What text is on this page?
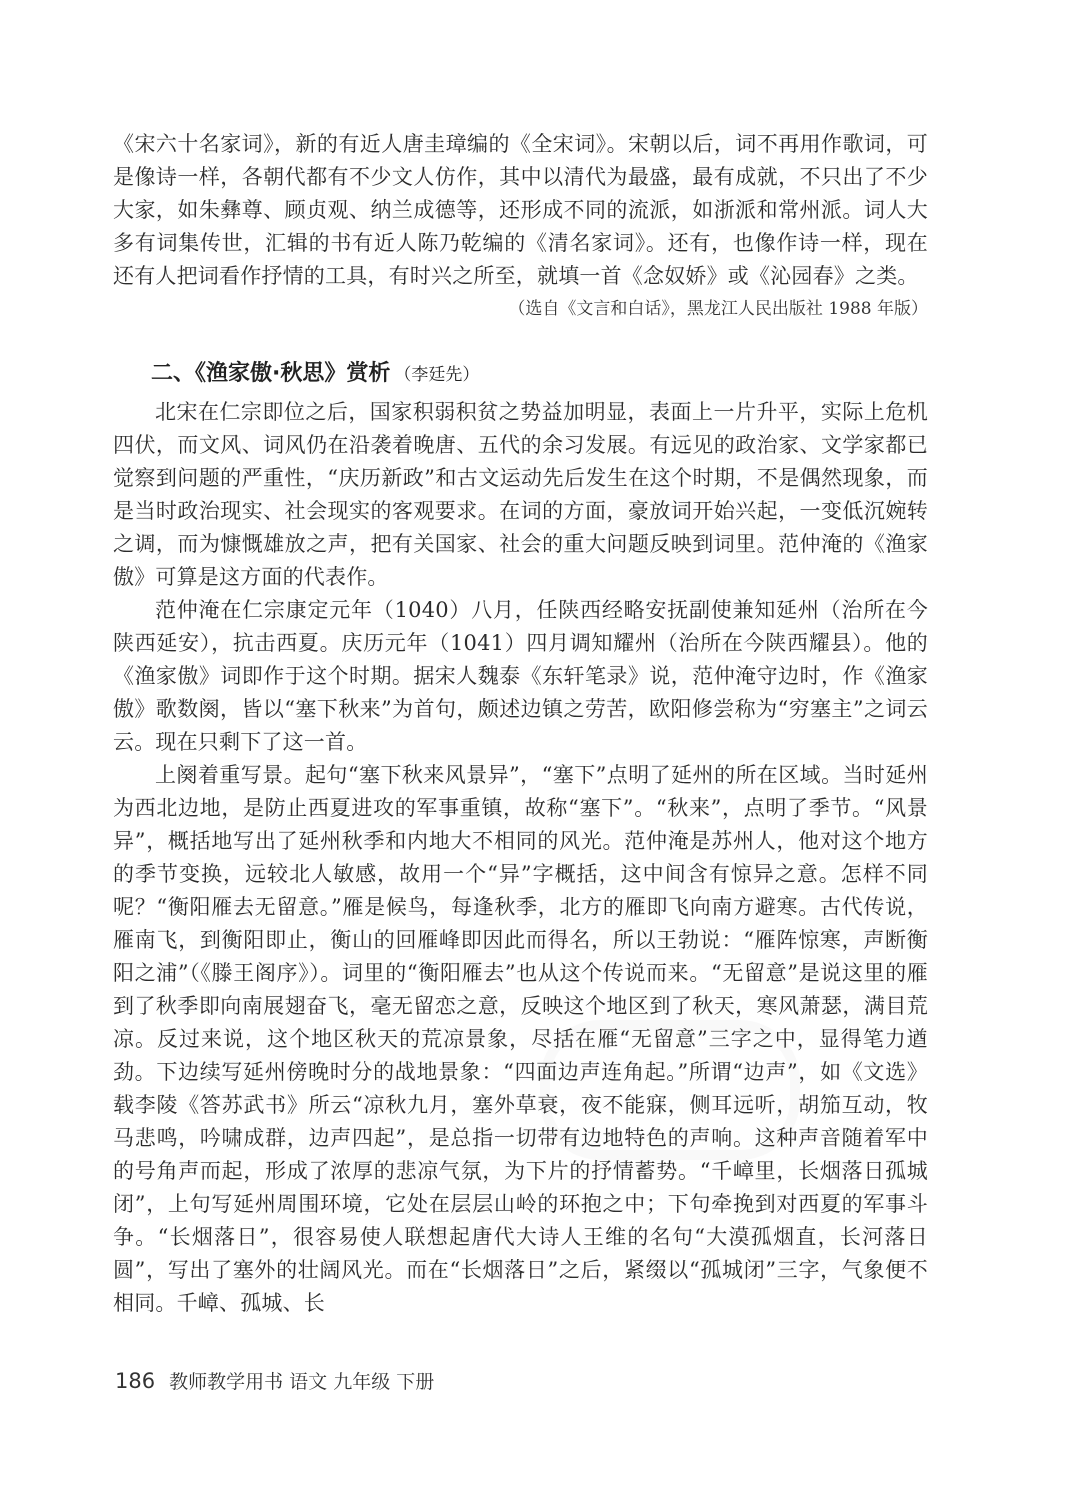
《宋六十名家词》，新的有近人唐圭璋编的《全宋词》。宋朝以后，词不再用作歌词，可是像诗一样，各朝代都有不少文人仿作，其中以清代为最盛，最有成就，不只出了不少大家，如朱彝尊、顾贞观、纳兰成德等，还形成不同的流派，如浙派和常州派。词人大多有词集传世，汇辑的书有近人陈乃乾编的《清名家词》。还有，也像作诗一样，现在还有人把词看作抒情的工具，有时兴之所至，就填一首《念奴娇》或《沁园春》之类。

（选自《文言和白话》，黑龙江人民出版社 1988 年版）

二、《渔家傲·秋思》赏析 （李廷先）

北宋在仁宗即位之后，国家积弱积贫之势益加明显，表面上一片升平，实际上危机四伏，而文风、词风仍在沿袭着晚唐、五代的余习发展。有远见的政治家、文学家都已觉察到问题的严重性，“庆历新政”和古文运动先后发生在这个时期，不是偶然现象，而是当时政治现实、社会现实的客观要求。在词的方面，豪放词开始兴起，一变低沉婉转之调，而为慷慨雄放之声，把有关国家、社会的重大问题反映到词里。范仲淹的《渔家傲》可算是这方面的代表作。

范仲淹在仁宗康定元年（1040）八月，任陕西经略安抚副使兼知延州（治所在今陕西延安），抗击西夏。庆历元年（1041）四月调知耀州（治所在今陕西耀县）。他的《渔家傲》词即作于这个时期。据宋人魏泰《东轩笔录》说，范仲淹守边时，作《渔家傲》歌数阕，皆以“塞下秋来”为首句，颇述边镇之劳苦，欧阳修尝称为“穷塞主”之词云云。现在只剩下了这一首。

上阕着重写景。起句“塞下秋来风景异”，“塞下”点明了延州的所在区域。当时延州为西北边地，是防止西夏进攻的军事重镇，故称“塞下”。“秋来”，点明了季节。“风景异”，概括地写出了延州秋季和内地大不相同的风光。范仲淹是苏州人，他对这个地方的季节变换，远较北人敏感，故用一个“异”字概括，这中间含有惊异之意。怎样不同呢？“衡阳雁去无留意。”雁是候鸟，每逢秋季，北方的雁即飞向南方避寒。古代传说，雁南飞，到衡阳即止，衡山的回雁峰即因此而得名，所以王勃说：“雁阵惊寒，声断衡阳之浦”（《滕王阁序》）。词里的“衡阳雁去”也从这个传说而来。“无留意”是说这里的雁到了秋季即向南展翅奋飞，毫无留恋之意，反映这个地区到了秋天，寒风萧瑟，满目荒凉。反过来说，这个地区秋天的荒凉景象，尽括在雁“无留意”三字之中，显得笔力遒劲。下边续写延州傍晚时分的战地景象：“四面边声连角起。”所谓“边声”，如《文选》载李陵《答苏武书》所云“凉秋九月，塞外草衰，夜不能寐，侧耳远听，胡笳互动，牧马悲鸣，吟啸成群，边声四起”，是总指一切带有边地特色的声响。这种声音随着军中的号角声而起，形成了浓厚的悲凉气氛，为下片的抒情蓄势。“千嶂里，长烟落日孤城闭”，上句写延州周围环境，它处在层层山岭的环抱之中；下句牵挽到对西夏的军事斗争。“长烟落日”，很容易使人联想起唐代大诗人王维的名句“大漠孤烟直，长河落日圆”，写出了塞外的壮阔风光。而在“长烟落日”之后，紧缀以“孤城闭”三字，气象便不相同。千嶂、孤城、长

186 教师教学用书 语文 九年级 下册
